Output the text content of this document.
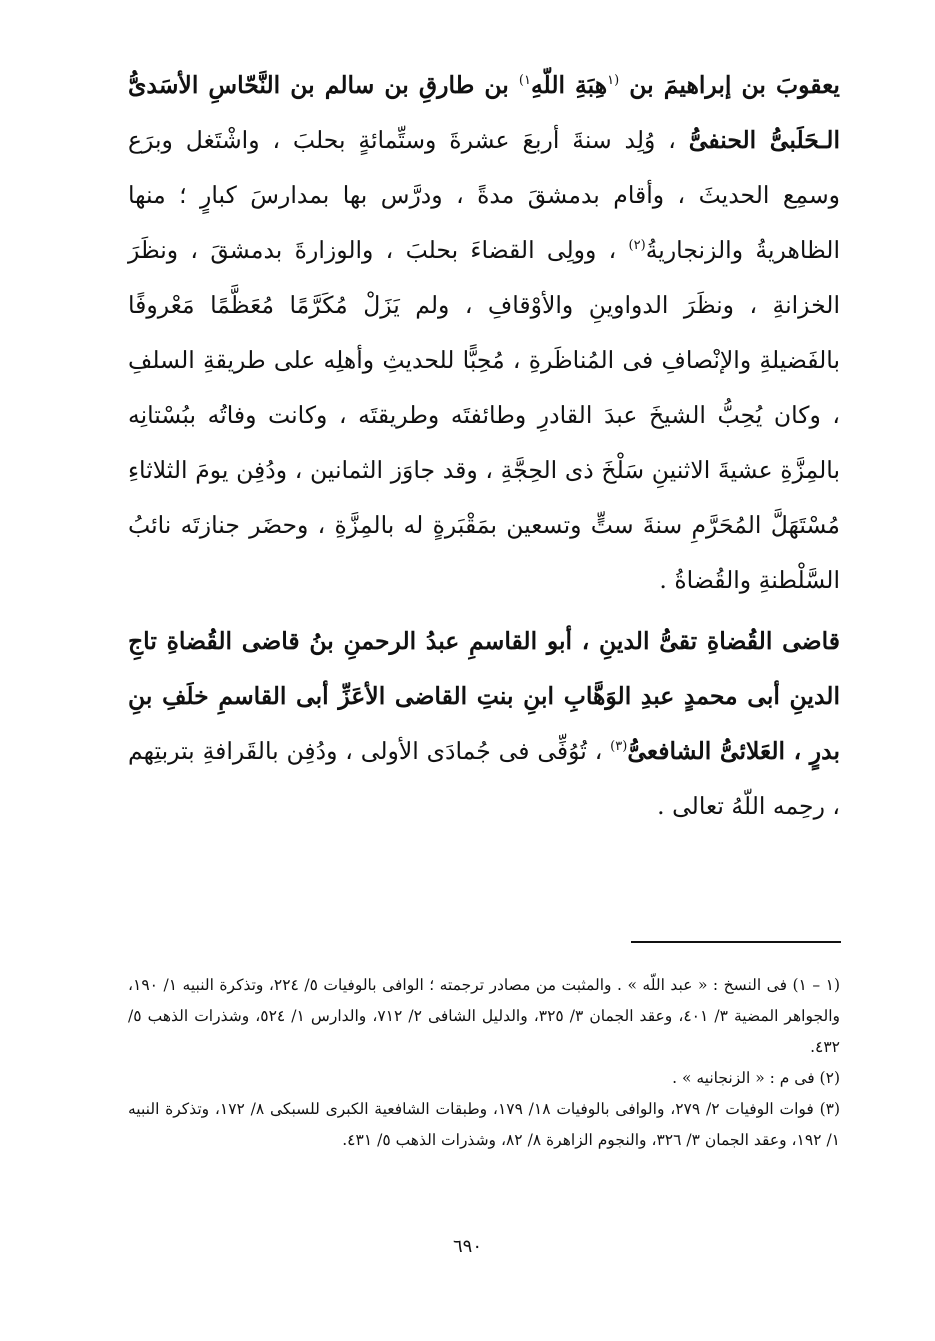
يعقوبَ بن إبراهيمَ بن $^{(١}$هِبَةِ اللّهِ$^{١)}$ بن طارقِ بن سالم بن النَّحّاسِ الأسَدىُّ الـحَلَبىُّ الحنفىُّ ، وُلِد سنةَ أربعَ عشرةَ وستِّمائةٍ بحلبَ ، واشْتَغل وبرَع وسمِع الحديثَ ، وأقام بدمشقَ مدةً ، ودرَّس بها بمدارسَ كبارٍ ؛ منها الظاهريةُ والزنجاريةُ$^{(٢)}$ ، وولِى القضاءَ بحلبَ ، والوزارةَ بدمشقَ ، ونظَرَ الخزانةِ ، ونظَرَ الدواوينِ والأوْقافِ ، ولم يَزَلْ مُكَرَّمًا مُعَظَّمًا مَعْروفًا بالفَضيلةِ والإنْصافِ فى المُناظَرةِ ، مُحِبًّا للحديثِ وأهلِه على طريقةِ السلفِ ، وكان يُحِبُّ الشيخَ عبدَ القادرِ وطائفتَه وطريقتَه ، وكانت وفاتُه ببُسْتانِه بالمِزَّةِ عشيةَ الاثنينِ سَلْخَ ذى الحِجَّةِ ، وقد جاوَز الثمانين ، ودُفِن يومَ الثلاثاءِ مُسْتَهَلَّ المُحَرَّمِ سنةَ ستٍّ وتسعين بمَقْبَرةٍ له بالمِزَّةِ ، وحضَر جنازتَه نائبُ السَّلْطنةِ والقُضاةُ .

قاضى القُضاةِ تقىُّ الدينِ ، أبو القاسمِ عبدُ الرحمنِ بنُ قاضى القُضاةِ تاجِ الدينِ أبى محمدٍ عبدِ الوَهَّابِ ابنِ بنتِ القاضى الأعَزِّ أبى القاسمِ خلَفِ بنِ بدرٍ ، العَلائىُّ الشافعىُّ$^{(٣)}$ ، تُوُفِّى فى جُمادَى الأولى ، ودُفِن بالقَرافةِ بتربتِهم ، رحِمه اللّهُ تعالى .

(١ – ١) فى النسخ : « عبد اللّه » . والمثبت من مصادر ترجمته ؛ الوافى بالوفيات ٥/ ٢٢٤، وتذكرة النبيه ١/ ١٩٠، والجواهر المضية ٣/ ٤٠١، وعقد الجمان ٣/ ٣٢٥، والدليل الشافى ٢/ ٧١٢، والدارس ١/ ٥٢٤، وشذرات الذهب ٥/ ٤٣٢.

(٢) فى م : « الزنجانيه » .

(٣) فوات الوفيات ٢/ ٢٧٩، والوافى بالوفيات ١٨/ ١٧٩، وطبقات الشافعية الكبرى للسبكى ٨/ ١٧٢، وتذكرة النبيه ١/ ١٩٢، وعقد الجمان ٣/ ٣٢٦، والنجوم الزاهرة ٨/ ٨٢، وشذرات الذهب ٥/ ٤٣١.

٦٩٠
